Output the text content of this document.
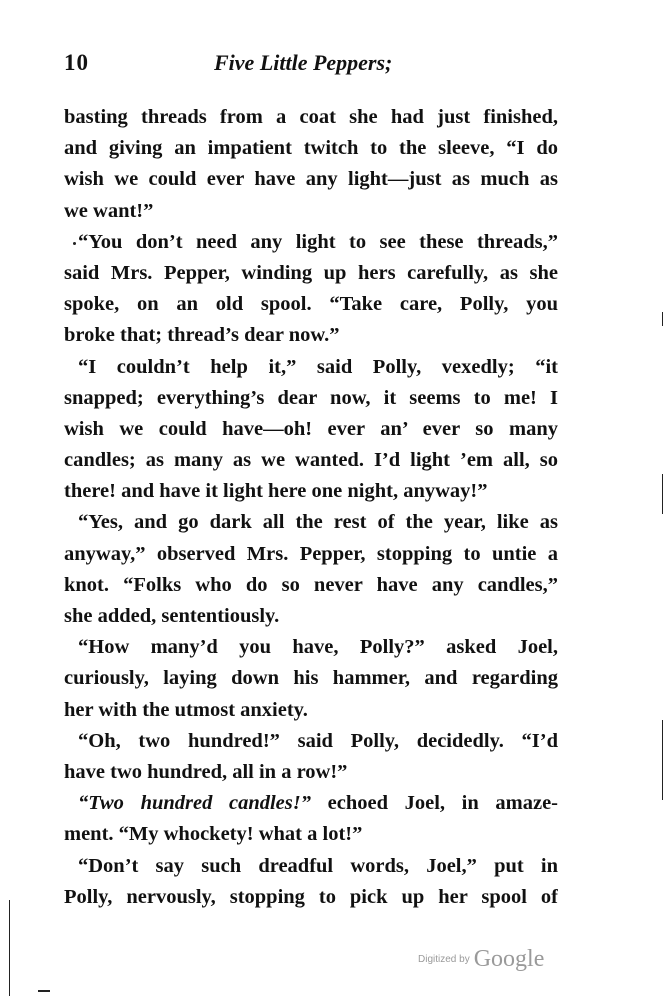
10	Five Little Peppers;
basting threads from a coat she had just finished,
and giving an impatient twitch to the sleeve, “I do
wish we could ever have any light—just as much as
we want!”
“You don’t need any light to see these threads,”
said Mrs. Pepper, winding up hers carefully, as she
spoke, on an old spool. “Take care, Polly, you
broke that; thread’s dear now.”
“I couldn’t help it,” said Polly, vexedly; “it
snapped; everything’s dear now, it seems to me! I
wish we could have—oh! ever an’ ever so many
candles; as many as we wanted. I’d light ’em all, so
there! and have it light here one night, anyway!”
“Yes, and go dark all the rest of the year, like as
anyway,” observed Mrs. Pepper, stopping to untie a
knot. “Folks who do so never have any candles,”
she added, sententiously.
“How many’d you have, Polly?” asked Joel,
curiously, laying down his hammer, and regarding
her with the utmost anxiety.
“Oh, two hundred!” said Polly, decidedly. “I’d
have two hundred, all in a row!”
“Two hundred candles!” echoed Joel, in amaze-
ment. “My whockety! what a lot!”
“Don’t say such dreadful words, Joel,” put in
Polly, nervously, stopping to pick up her spool of
Digitized by Google
